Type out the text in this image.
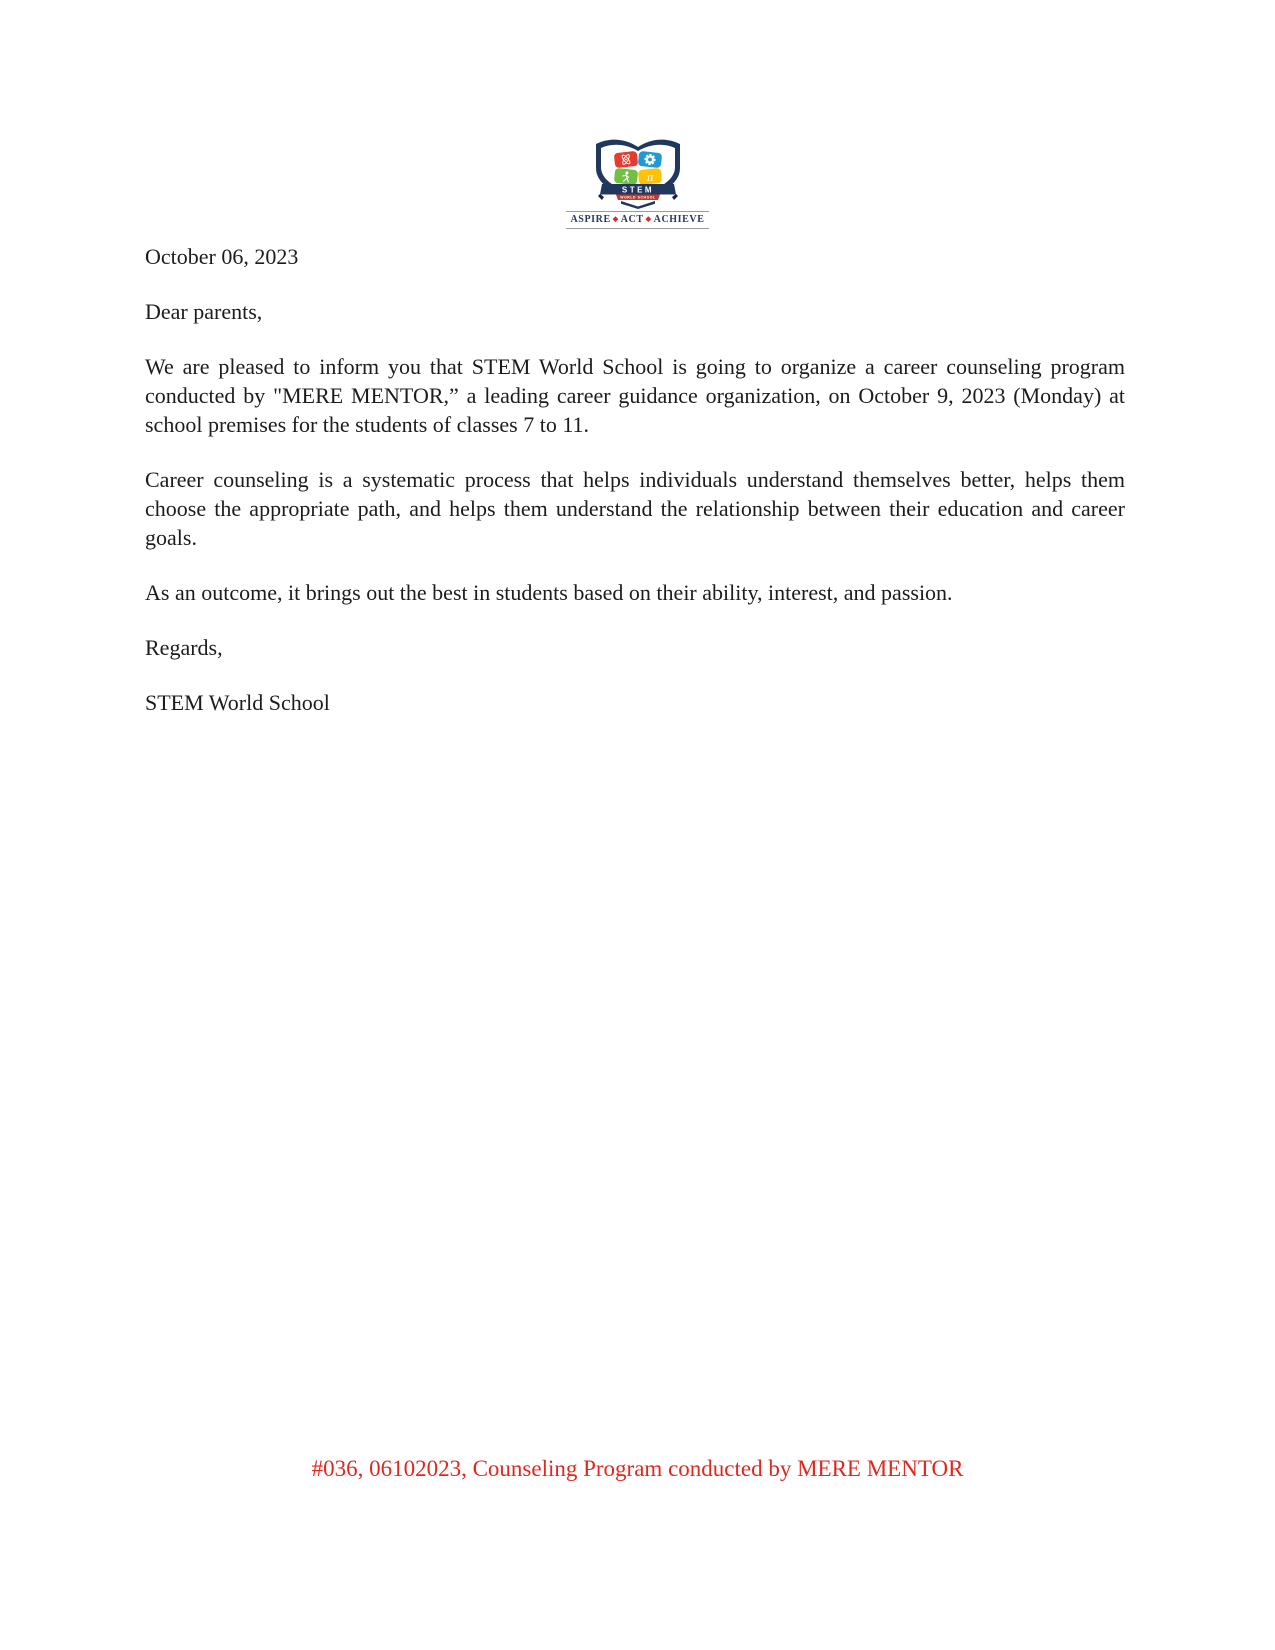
π
STEM
WORLD SCHOOL
ASPIRE ◆ ACT ◆ ACHIEVE

October 06, 2023

Dear parents,

We are pleased to inform you that STEM World School is going to organize a career counseling program conducted by "MERE MENTOR,” a leading career guidance organization, on October 9, 2023 (Monday) at school premises for the students of classes 7 to 11.

Career counseling is a systematic process that helps individuals understand themselves better, helps them choose the appropriate path, and helps them understand the relationship between their education and career goals.

As an outcome, it brings out the best in students based on their ability, interest, and passion.

Regards,

STEM World School

#036, 06102023, Counseling Program conducted by MERE MENTOR
